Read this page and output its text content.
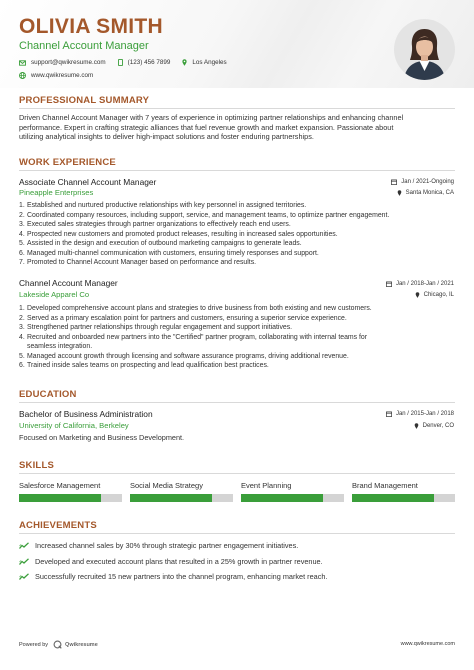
OLIVIA SMITH
Channel Account Manager
support@qwikresume.com	(123) 456 7899	Los Angeles
www.qwikresume.com
PROFESSIONAL SUMMARY
Driven Channel Account Manager with 7 years of experience in optimizing partner relationships and enhancing channel
performance. Expert in crafting strategic alliances that fuel revenue growth and market expansion. Passionate about
utilizing analytical insights to deliver high-impact solutions and foster enduring partnerships.
WORK EXPERIENCE
Associate Channel Account Manager
Pineapple Enterprises
Jan / 2021-Ongoing
Santa Monica, CA
1. Established and nurtured productive relationships with key personnel in assigned territories.
2. Coordinated company resources, including support, service, and management teams, to optimize partner engagement.
3. Executed sales strategies through partner organizations to effectively reach end users.
4. Prospected new customers and promoted product releases, resulting in increased sales opportunities.
5. Assisted in the design and execution of outbound marketing campaigns to generate leads.
6. Managed multi-channel communication with customers, ensuring timely responses and support.
7. Promoted to Channel Account Manager based on performance and results.
Channel Account Manager
Lakeside Apparel Co
Jan / 2018-Jan / 2021
Chicago, IL
1. Developed comprehensive account plans and strategies to drive business from both existing and new customers.
2. Served as a primary escalation point for partners and customers, ensuring a superior service experience.
3. Strengthened partner relationships through regular engagement and support initiatives.
4. Recruited and onboarded new partners into the "Certified" partner program, collaborating with internal teams for
seamless integration.
5. Managed account growth through licensing and software assurance programs, driving additional revenue.
6. Trained inside sales teams on prospecting and lead qualification best practices.
EDUCATION
Bachelor of Business Administration
University of California, Berkeley
Jan / 2015-Jan / 2018
Denver, CO
Focused on Marketing and Business Development.
SKILLS
Salesforce Management	Social Media Strategy	Event Planning	Brand Management
ACHIEVEMENTS
Increased channel sales by 30% through strategic partner engagement initiatives.
Developed and executed account plans that resulted in a 25% growth in partner revenue.
Successfully recruited 15 new partners into the channel program, enhancing market reach.
Powered by	Qwikresume	www.qwikresume.com
